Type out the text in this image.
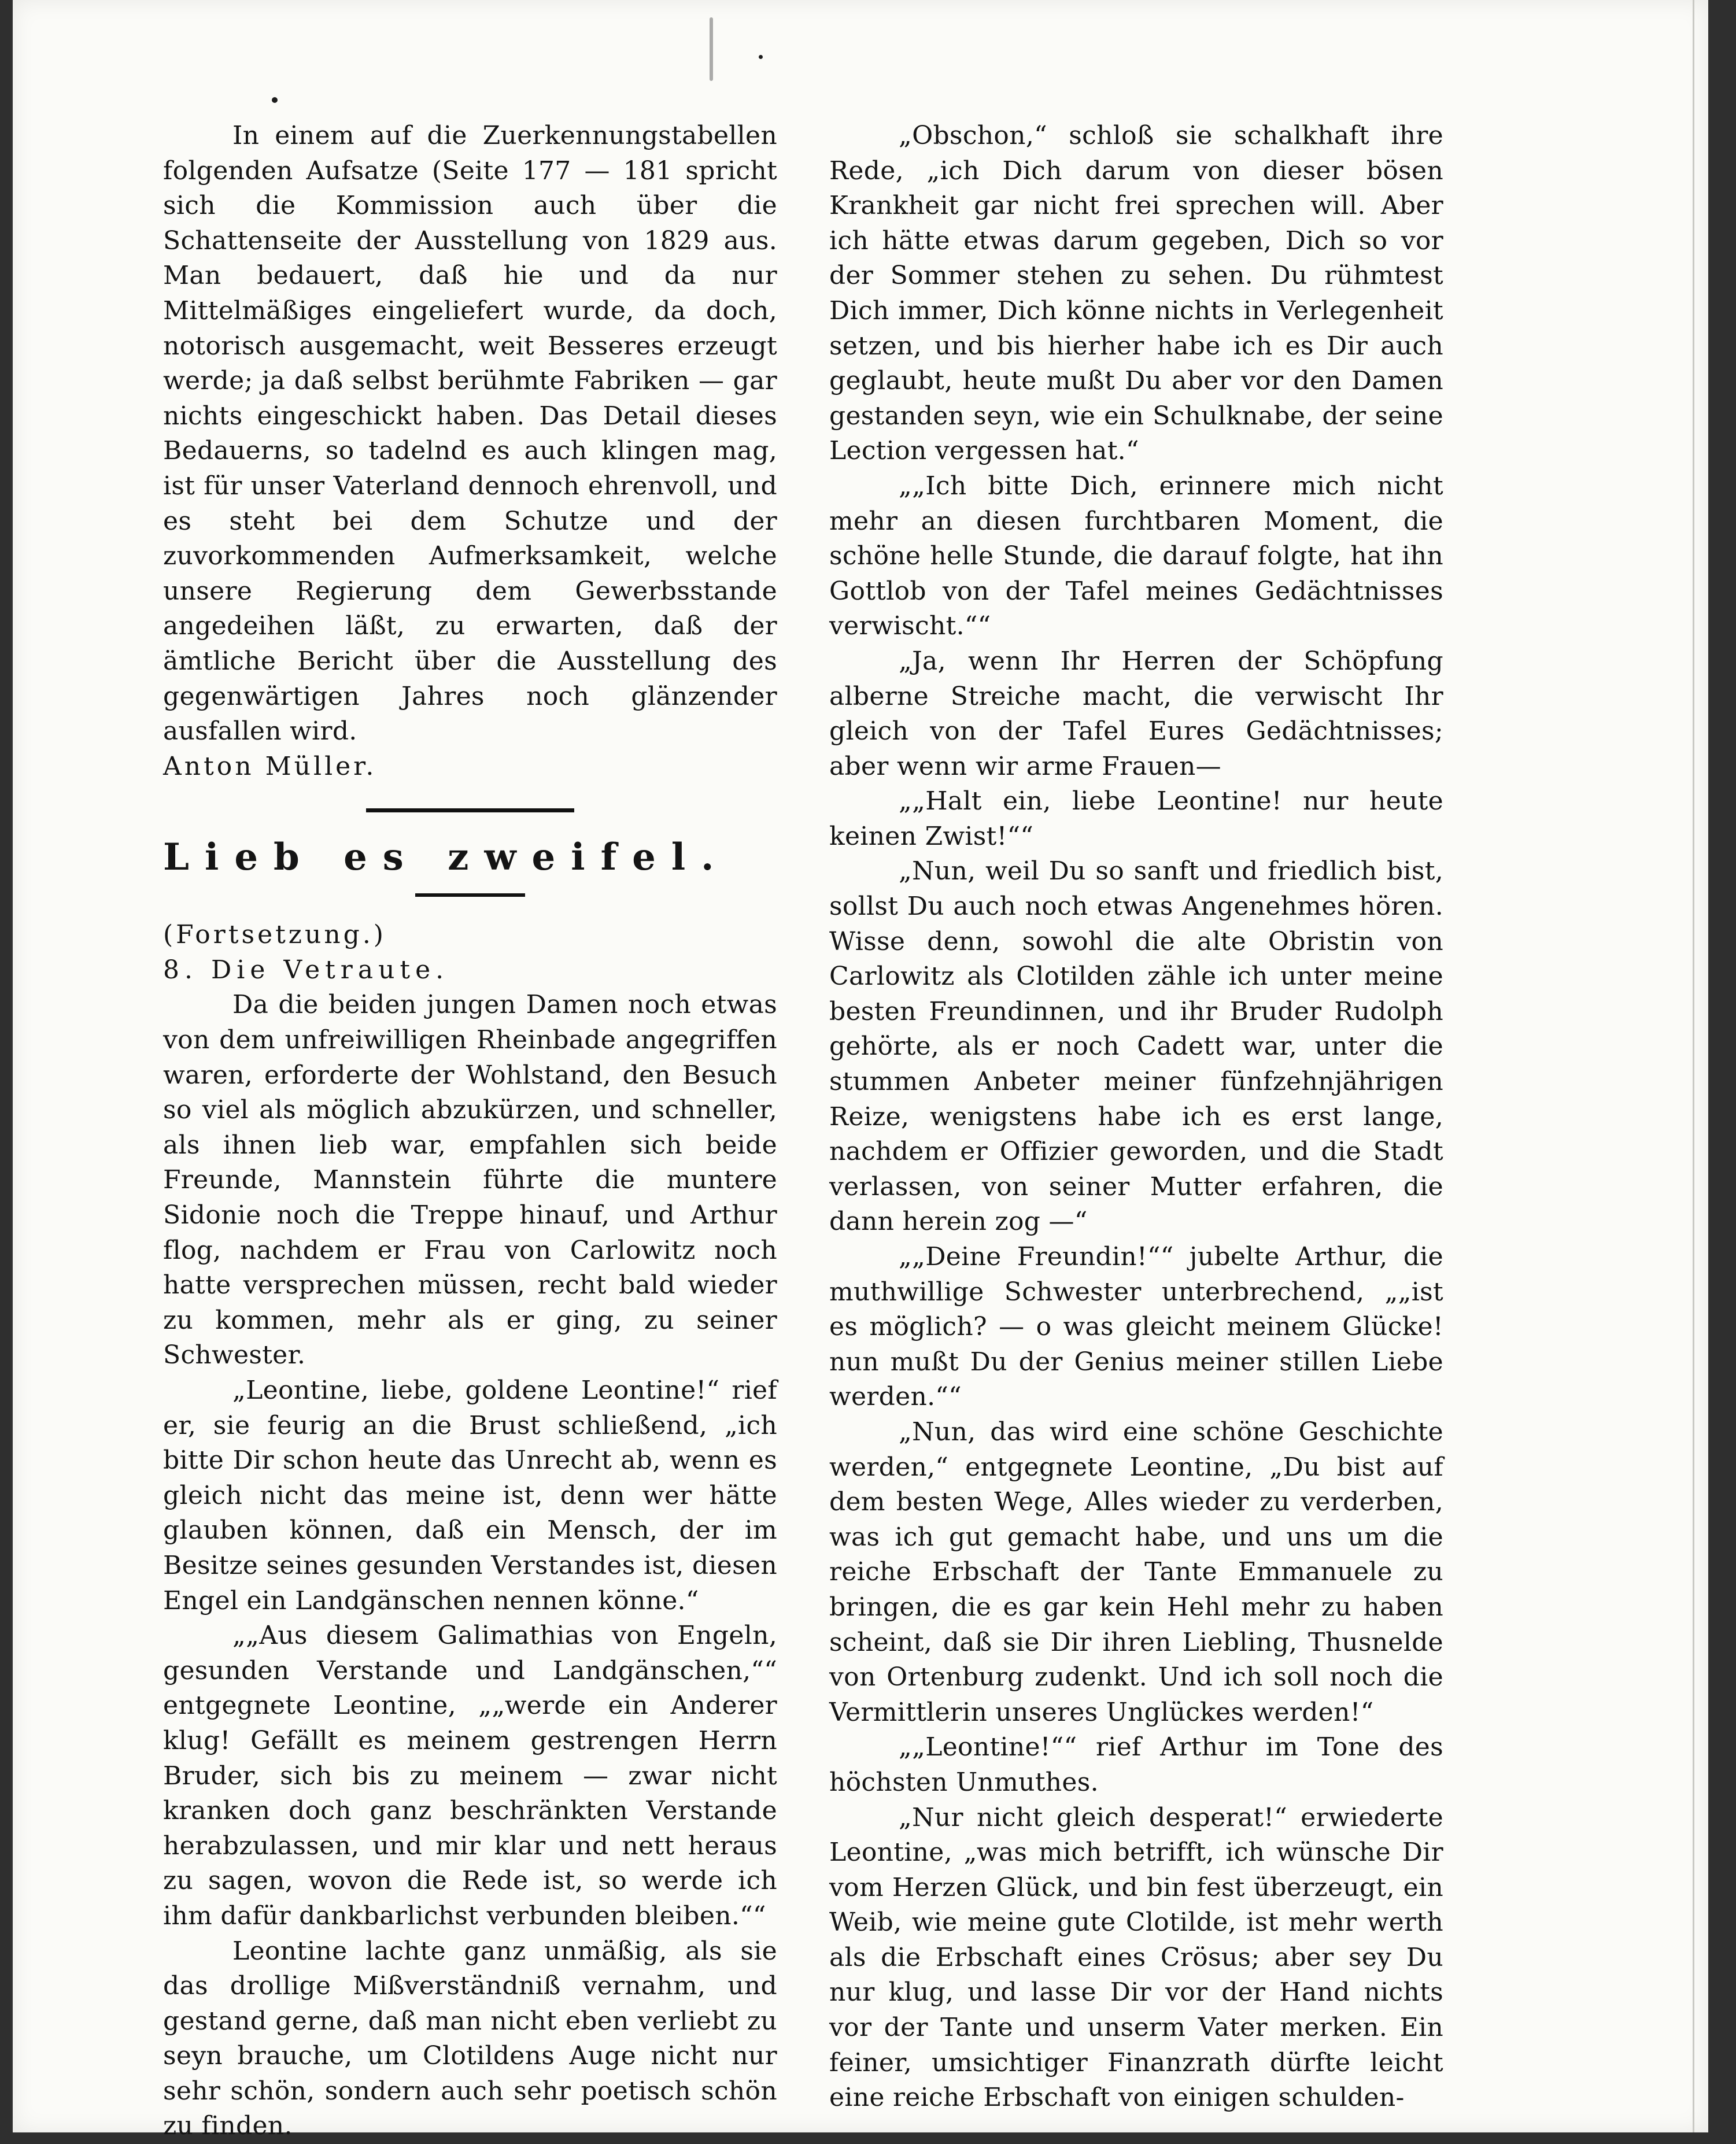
In einem auf die Zuerkennungstabellen folgenden Aufsatze (Seite 177 — 181 spricht sich die Kommission auch über die Schattenseite der Ausstellung von 1829 aus. Man bedauert, daß hie und da nur Mittelmäßiges eingeliefert wurde, da doch, notorisch ausgemacht, weit Besseres erzeugt werde; ja daß selbst berühmte Fabriken — gar nichts eingeschickt haben. Das Detail dieses Bedauerns, so tadelnd es auch klingen mag, ist für unser Vaterland dennoch ehrenvoll, und es steht bei dem Schutze und der zuvorkommenden Aufmerksamkeit, welche unsere Regierung dem Gewerbsstande angedeihen läßt, zu erwarten, daß der ämtliche Bericht über die Ausstellung des gegenwärtigen Jahres noch glänzender ausfallen wird.

Anton Müller.

Lieb es zweifel.

(Fortsetzung.)

8. Die Vetraute.

Da die beiden jungen Damen noch etwas von dem unfreiwilligen Rheinbade angegriffen waren, erforderte der Wohlstand, den Besuch so viel als möglich abzukürzen, und schneller, als ihnen lieb war, empfahlen sich beide Freunde, Mannstein führte die muntere Sidonie noch die Treppe hinauf, und Arthur flog, nachdem er Frau von Carlowitz noch hatte versprechen müssen, recht bald wieder zu kommen, mehr als er ging, zu seiner Schwester.

„Leontine, liebe, goldene Leontine!“ rief er, sie feurig an die Brust schließend, „ich bitte Dir schon heute das Unrecht ab, wenn es gleich nicht das meine ist, denn wer hätte glauben können, daß ein Mensch, der im Besitze seines gesunden Verstandes ist, diesen Engel ein Landgänschen nennen könne.“

„„Aus diesem Galimathias von Engeln, gesunden Verstande und Landgänschen,““ entgegnete Leontine, „„werde ein Anderer klug! Gefällt es meinem gestrengen Herrn Bruder, sich bis zu meinem — zwar nicht kranken doch ganz beschränkten Verstande herabzulassen, und mir klar und nett heraus zu sagen, wovon die Rede ist, so werde ich ihm dafür dankbarlichst verbunden bleiben.““

Leontine lachte ganz unmäßig, als sie das drollige Mißverständniß vernahm, und gestand gerne, daß man nicht eben verliebt zu seyn brauche, um Clotildens Auge nicht nur sehr schön, sondern auch sehr poetisch schön zu finden.

„Obschon,“ schloß sie schalkhaft ihre Rede, „ich Dich darum von dieser bösen Krankheit gar nicht frei sprechen will. Aber ich hätte etwas darum gegeben, Dich so vor der Sommer stehen zu sehen. Du rühmtest Dich immer, Dich könne nichts in Verlegenheit setzen, und bis hierher habe ich es Dir auch geglaubt, heute mußt Du aber vor den Damen gestanden seyn, wie ein Schulknabe, der seine Lection vergessen hat.“

„„Ich bitte Dich, erinnere mich nicht mehr an diesen furchtbaren Moment, die schöne helle Stunde, die darauf folgte, hat ihn Gottlob von der Tafel meines Gedächtnisses verwischt.““

„Ja, wenn Ihr Herren der Schöpfung alberne Streiche macht, die verwischt Ihr gleich von der Tafel Eures Gedächtnisses; aber wenn wir arme Frauen—

„„Halt ein, liebe Leontine! nur heute keinen Zwist!““

„Nun, weil Du so sanft und friedlich bist, sollst Du auch noch etwas Angenehmes hören. Wisse denn, sowohl die alte Obristin von Carlowitz als Clotilden zähle ich unter meine besten Freundinnen, und ihr Bruder Rudolph gehörte, als er noch Cadett war, unter die stummen Anbeter meiner fünfzehnjährigen Reize, wenigstens habe ich es erst lange, nachdem er Offizier geworden, und die Stadt verlassen, von seiner Mutter erfahren, die dann herein zog —“

„„Deine Freundin!““ jubelte Arthur, die muthwillige Schwester unterbrechend, „„ist es möglich? — o was gleicht meinem Glücke! nun mußt Du der Genius meiner stillen Liebe werden.““

„Nun, das wird eine schöne Geschichte werden,“ entgegnete Leontine, „Du bist auf dem besten Wege, Alles wieder zu verderben, was ich gut gemacht habe, und uns um die reiche Erbschaft der Tante Emmanuele zu bringen, die es gar kein Hehl mehr zu haben scheint, daß sie Dir ihren Liebling, Thusnelde von Ortenburg zudenkt. Und ich soll noch die Vermittlerin unseres Unglückes werden!“

„„Leontine!““ rief Arthur im Tone des höchsten Unmuthes.

„Nur nicht gleich desperat!“ erwiederte Leontine, „was mich betrifft, ich wünsche Dir vom Herzen Glück, und bin fest überzeugt, ein Weib, wie meine gute Clotilde, ist mehr werth als die Erbschaft eines Crösus; aber sey Du nur klug, und lasse Dir vor der Hand nichts vor der Tante und unserm Vater merken. Ein feiner, umsichtiger Finanzrath dürfte leicht eine reiche Erbschaft von einigen schulden-
